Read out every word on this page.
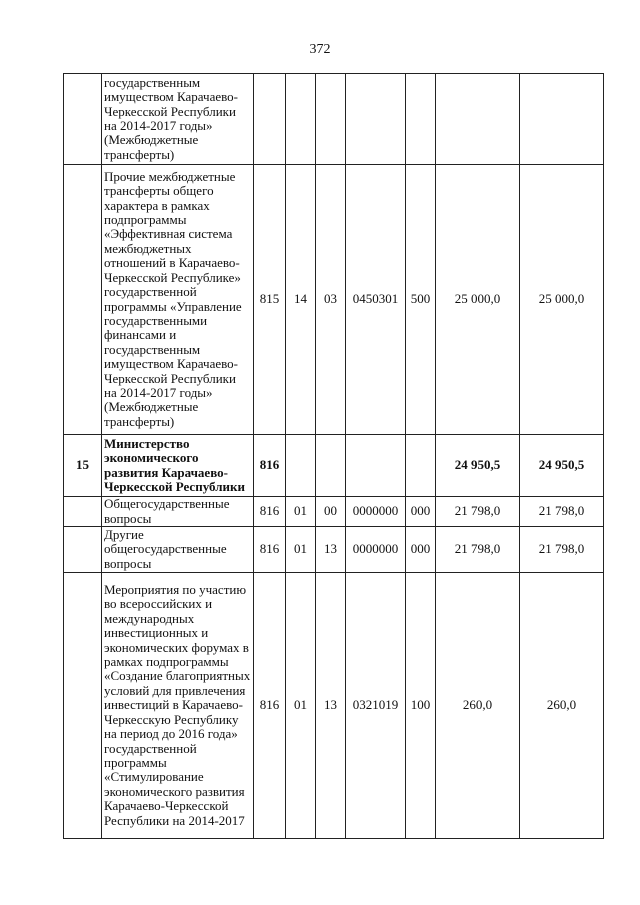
372
	государственным имуществом Карачаево-Черкесской Республики на 2014-2017 годы» (Межбюджетные трансферты)							
	Прочие межбюджетные трансферты общего характера в рамках подпрограммы «Эффективная система межбюджетных отношений в Карачаево-Черкесской Республике» государственной программы «Управление государственными финансами и государственным имуществом Карачаево-Черкесской Республики на 2014-2017 годы» (Межбюджетные трансферты)	815	14	03	0450301	500	25 000,0	25 000,0
15	Министерство экономического развития Карачаево-Черкесской Республики	816					24 950,5	24 950,5
	Общегосударственные вопросы	816	01	00	0000000	000	21 798,0	21 798,0
	Другие общегосударственные вопросы	816	01	13	0000000	000	21 798,0	21 798,0
	Мероприятия по участию во всероссийских и международных инвестиционных и экономических форумах в рамках подпрограммы «Создание благоприятных условий для привлечения инвестиций в Карачаево-Черкесскую Республику на период до 2016 года» государственной программы «Стимулирование экономического развития Карачаево-Черкесской Республики на 2014-2017	816	01	13	0321019	100	260,0	260,0
